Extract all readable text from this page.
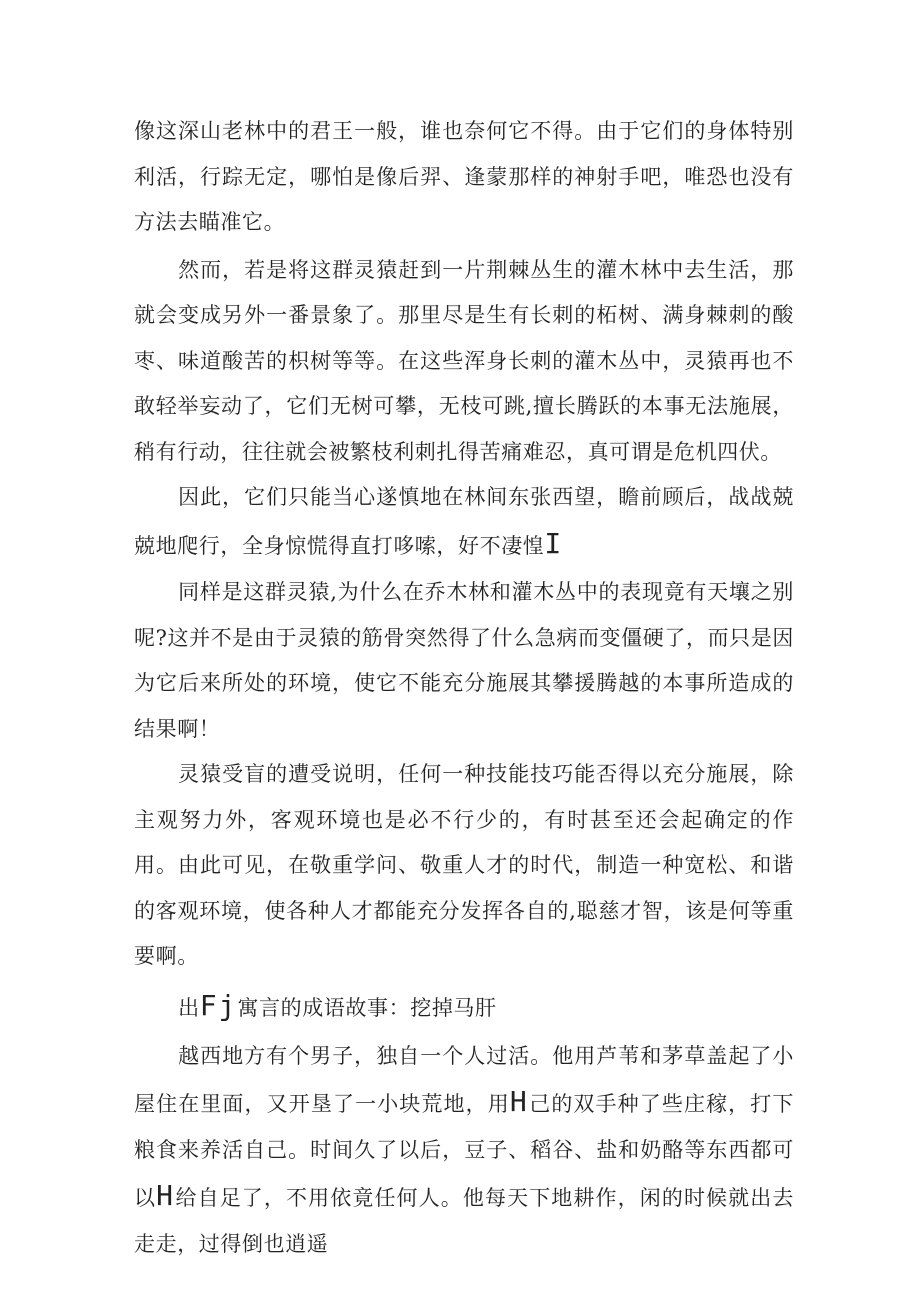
像这深山老林中的君王一般，谁也奈何它不得。由于它们的身体特别利活，行踪无定，哪怕是像后羿、逢蒙那样的神射手吧，唯恐也没有方法去瞄准它。

然而，若是将这群灵猿赶到一片荆棘丛生的灌木林中去生活，那就会变成另外一番景象了。那里尽是生有长刺的柘树、满身棘刺的酸枣、味道酸苦的枳树等等。在这些浑身长刺的灌木丛中，灵猿再也不敢轻举妄动了，它们无树可攀，无枝可跳,擅长腾跃的本事无法施展，稍有行动，往往就会被繁枝利刺扎得苦痛难忍，真可谓是危机四伏。

因此，它们只能当心遂慎地在林间东张西望，瞻前顾后，战战兢兢地爬行，全身惊慌得直打哆嗦，好不凄惶I

同样是这群灵猿,为什么在乔木林和灌木丛中的表现竟有天壤之别呢?这并不是由于灵猿的筋骨突然得了什么急病而变僵硬了，而只是因为它后来所处的环境，使它不能充分施展其攀援腾越的本事所造成的结果啊！

灵猿受盲的遭受说明，任何一种技能技巧能否得以充分施展，除主观努力外，客观环境也是必不行少的，有时甚至还会起确定的作用。由此可见，在敬重学问、敬重人才的时代，制造一种宽松、和谐的客观环境，使各种人才都能充分发挥各自的,聪慈才智，该是何等重要啊。

出Fj寓言的成语故事：挖掉马肝

越西地方有个男子，独自一个人过活。他用芦苇和茅草盖起了小屋住在里面，又开垦了一小块荒地，用H己的双手种了些庄稼，打下粮食来养活自己。时间久了以后，豆子、稻谷、盐和奶酪等东西都可以H给自足了，不用依竟任何人。他每天下地耕作，闲的时候就出去走走，过得倒也逍遥
